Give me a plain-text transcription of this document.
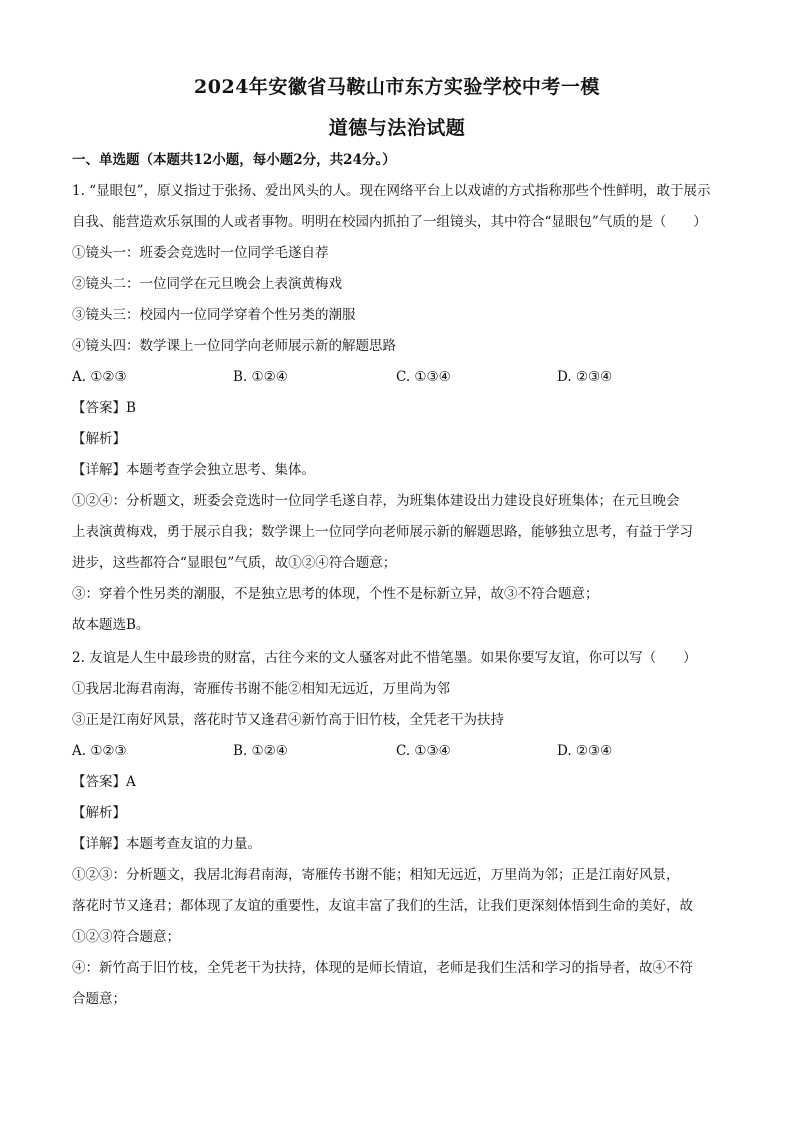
2024年安徽省马鞍山市东方实验学校中考一模
道德与法治试题
一、单选题（本题共12小题，每小题2分，共24分。）
1. “显眼包”，原义指过于张扬、爱出风头的人。现在网络平台上以戏谑的方式指称那些个性鲜明，敢于展示
自我、能营造欢乐氛围的人或者事物。明明在校园内抓拍了一组镜头，其中符合“显眼包”气质的是（　　）
①镜头一：班委会竞选时一位同学毛遂自荐
②镜头二：一位同学在元旦晚会上表演黄梅戏
③镜头三：校园内一位同学穿着个性另类的潮服
④镜头四：数学课上一位同学向老师展示新的解题思路
A. ①②③	B. ①②④	C. ①③④	D. ②③④
【答案】B
【解析】
【详解】本题考查学会独立思考、集体。
①②④：分析题文，班委会竞选时一位同学毛遂自荐，为班集体建设出力建设良好班集体；在元旦晚会
上表演黄梅戏，勇于展示自我；数学课上一位同学向老师展示新的解题思路，能够独立思考，有益于学习
进步，这些都符合“显眼包”气质，故①②④符合题意；
③：穿着个性另类的潮服，不是独立思考的体现，个性不是标新立异，故③不符合题意；
故本题选B。
2. 友谊是人生中最珍贵的财富，古往今来的文人骚客对此不惜笔墨。如果你要写友谊，你可以写（　　）
①我居北海君南海，寄雁传书谢不能②相知无远近，万里尚为邻
③正是江南好风景，落花时节又逢君④新竹高于旧竹枝，全凭老干为扶持
A. ①②③	B. ①②④	C. ①③④	D. ②③④
【答案】A
【解析】
【详解】本题考查友谊的力量。
①②③：分析题文，我居北海君南海，寄雁传书谢不能；相知无远近，万里尚为邻；正是江南好风景，
落花时节又逢君；都体现了友谊的重要性，友谊丰富了我们的生活，让我们更深刻体悟到生命的美好，故
①②③符合题意；
④：新竹高于旧竹枝，全凭老干为扶持，体现的是师长情谊，老师是我们生活和学习的指导者，故④不符
合题意；
